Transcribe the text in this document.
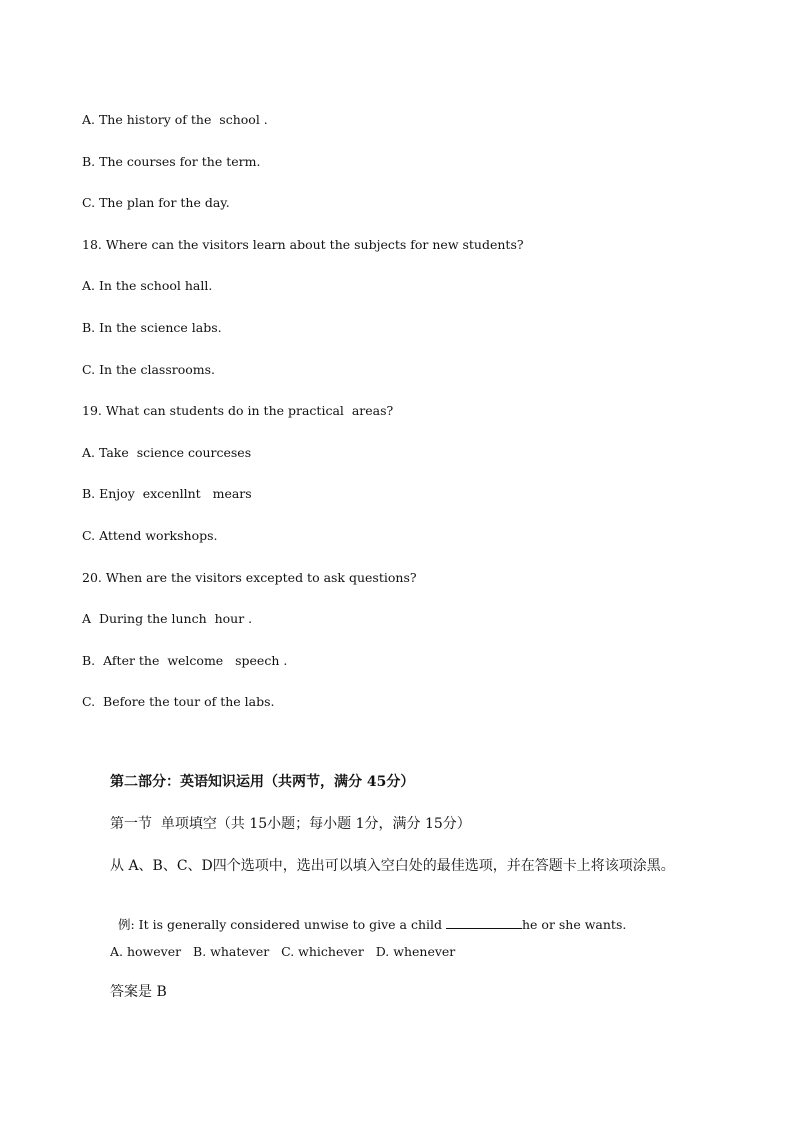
A. The history of the  school .
B. The courses for the term.
C. The plan for the day.
18. Where can the visitors learn about the subjects for new students?
A. In the school hall.
B. In the science labs.
C. In the classrooms.
19. What can students do in the practical  areas?
A. Take  science courceses
B. Enjoy  excenllnt   mears
C. Attend workshops.
20. When are the visitors excepted to ask questions?
A  During the lunch  hour .
B.  After the  welcome   speech .
C.  Before the tour of the labs.
第二部分：英语知识运用（共两节，满分 45分）
第一节  单项填空（共 15小题；每小题 1分，满分 15分）
从 A、B、C、D四个选项中，选出可以填入空白处的最佳选项，并在答题卡上将该项涂黑。

例: It is generally considered unwise to give a child	he or she wants.

A. however   B. whatever   C. whichever   D. whenever
答案是 B
